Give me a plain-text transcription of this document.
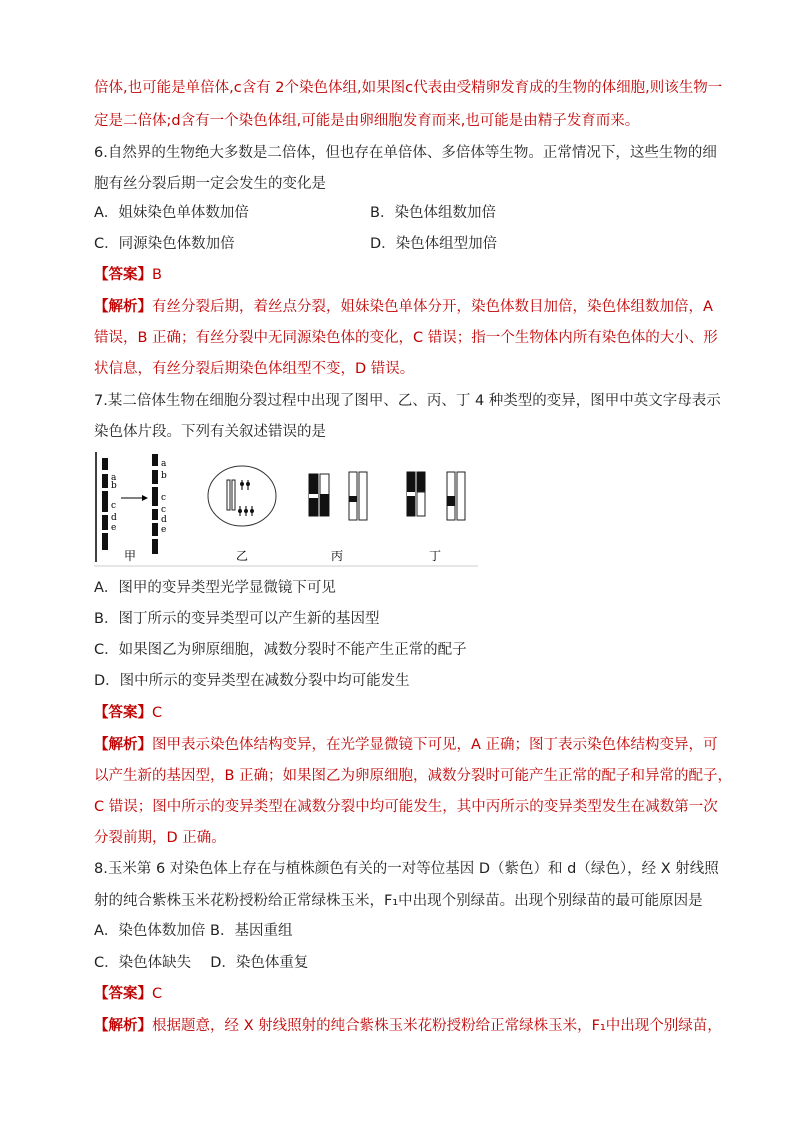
倍体,也可能是单倍体,c含有 2个染色体组,如果图c代表由受精卵发育成的生物的体细胞,则该生物一
定是二倍体;d含有一个染色体组,可能是由卵细胞发育而来,也可能是由精子发育而来。
6.自然界的生物绝大多数是二倍体，但也存在单倍体、多倍体等生物。正常情况下，这些生物的细
胞有丝分裂后期一定会发生的变化是
A．姐妹染色单体数加倍	B．染色体组数加倍
C．同源染色体数加倍	D．染色体组型加倍
【答案】B
【解析】有丝分裂后期，着丝点分裂，姐妹染色单体分开，染色体数目加倍，染色体组数加倍，A
错误，B 正确；有丝分裂中无同源染色体的变化，C 错误；指一个生物体内所有染色体的大小、形
状信息，有丝分裂后期染色体组型不变，D 错误。
7.某二倍体生物在细胞分裂过程中出现了图甲、乙、丙、丁 4 种类型的变异，图甲中英文字母表示
染色体片段。下列有关叙述错误的是
a
b
c
d
e
a
b
c
c
d
e
甲	乙	丙	丁
A．图甲的变异类型光学显微镜下可见
B．图丁所示的变异类型可以产生新的基因型
C．如果图乙为卵原细胞，减数分裂时不能产生正常的配子
D．图中所示的变异类型在减数分裂中均可能发生
【答案】C
【解析】图甲表示染色体结构变异，在光学显微镜下可见，A 正确；图丁表示染色体结构变异，可
以产生新的基因型，B 正确；如果图乙为卵原细胞，减数分裂时可能产生正常的配子和异常的配子，
C 错误；图中所示的变异类型在减数分裂中均可能发生，其中丙所示的变异类型发生在减数第一次
分裂前期，D 正确。
8.玉米第 6 对染色体上存在与植株颜色有关的一对等位基因 D（紫色）和 d（绿色），经 X 射线照
射的纯合紫株玉米花粉授粉给正常绿株玉米，F₁中出现个别绿苗。出现个别绿苗的最可能原因是
A．染色体数加倍 B．基因重组
C．染色体缺失　 D．染色体重复
【答案】C
【解析】根据题意，经 X 射线照射的纯合紫株玉米花粉授粉给正常绿株玉米，F₁中出现个别绿苗，
